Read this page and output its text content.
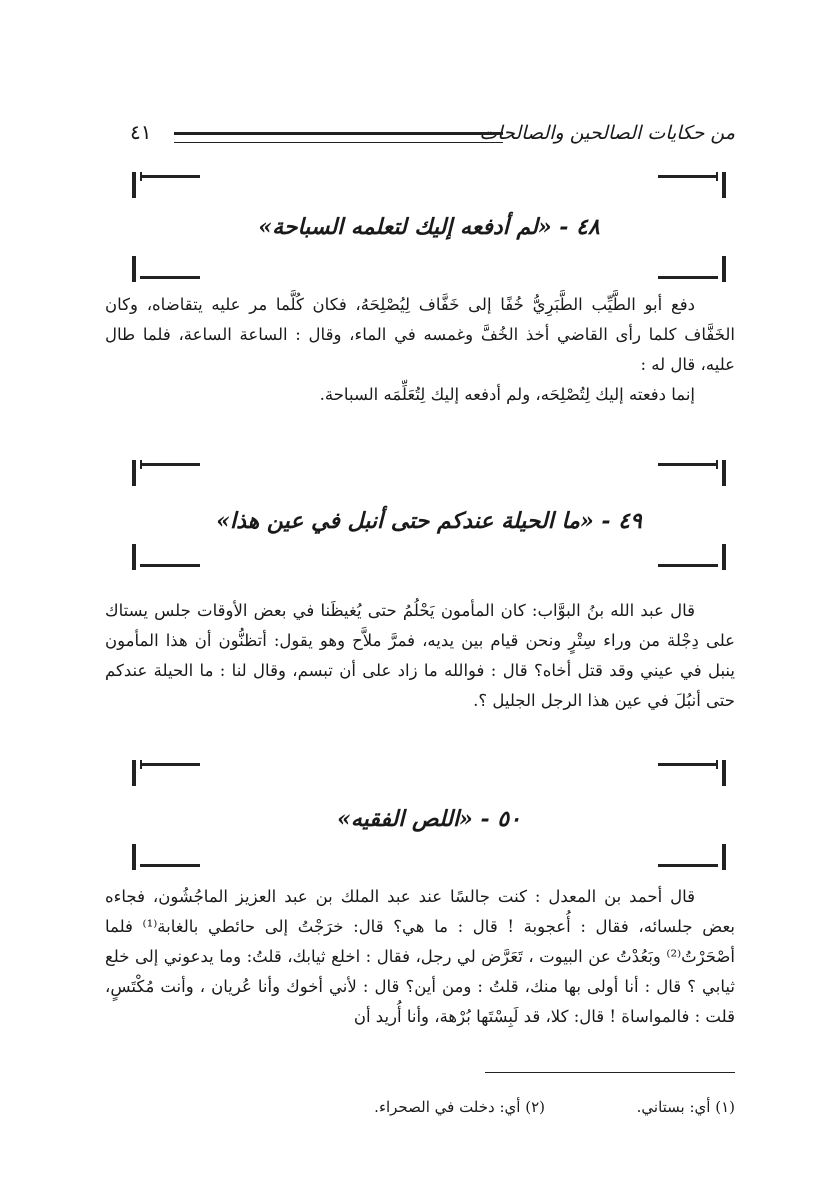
من حكايات الصالحين والصالحات
٤١
٤٨ - «لم أدفعه إليك لتعلمه السباحة»

دفع أبو الطَّيِّب الطَّبَرِيُّ خُفًا إلى خَفَّاف لِيُصْلِحَهُ، فكان كُلَّما مر عليه يتقاضاه، وكان الخَفَّاف كلما رأى القاضي أخذ الخُفَّ وغمسه في الماء، وقال : الساعة الساعة، فلما طال عليه، قال له :

إنما دفعته إليك لِتُصْلِحَه، ولم أدفعه إليك لِتُعَلِّمَه السباحة.

٤٩ - «ما الحيلة عندكم حتى أنبل في عين هذا»

قال عبد الله بنُ البوَّاب: كان المأمون يَحْلُمُ حتى يُغيظَنا في بعض الأوقات جلس يستاك على دِجْلة من وراء سِتْرٍ ونحن قيام بين يديه، فمرَّ ملاَّح وهو يقول: أتظنُّون أن هذا المأمون ينبل في عيني وقد قتل أخاه؟ قال : فوالله ما زاد على أن تبسم، وقال لنا : ما الحيلة عندكم حتى أنبُلَ في عين هذا الرجل الجليل ؟.

٥٠ - «اللص الفقيه»

قال أحمد بن المعدل : كنت جالسًا عند عبد الملك بن عبد العزيز الماجُشُون، فجاءه بعض جلسائه، فقال : أُعجوبة ! قال : ما هي؟ قال: خرَجْتُ إلى حائطي بالغابة⁽¹⁾ فلما أصْحَرْتُ⁽²⁾ وبَعُدْتُ عن البيوت ، تَعَرَّض لي رجل، فقال : اخلع ثيابك، قلتُ: وما يدعوني إلى خلع ثيابي ؟ قال : أنا أولى بها منك، قلتُ : ومن أين؟ قال : لأني أخوك وأنا عُريان ، وأنت مُكْتَسٍ، قلت : فالمواساة ! قال: كلا، قد لَبِسْتَها بُرْهة، وأنا أُريد أن

(١) أي: بستاني.
(٢) أي: دخلت في الصحراء.
